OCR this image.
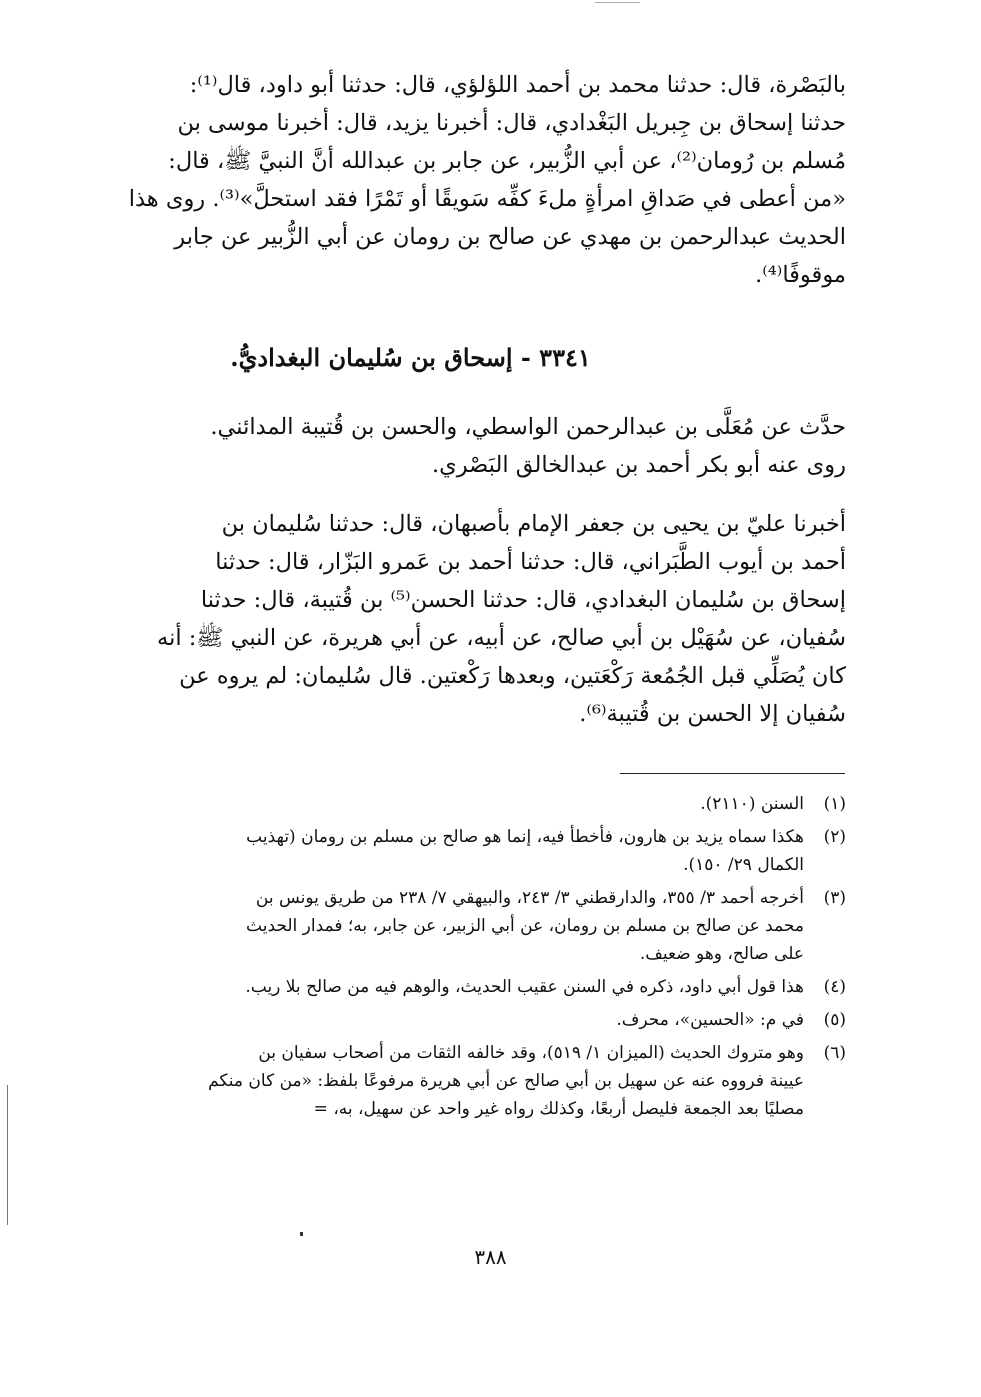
بالبَصْرة، قال: حدثنا محمد بن أحمد اللؤلؤي، قال: حدثنا أبو داود، قال⁽¹⁾:
حدثنا إسحاق بن جِبريل البَغْدادي، قال: أخبرنا يزيد، قال: أخبرنا موسى بن
مُسلم بن رُومان⁽²⁾، عن أبي الزُّبير، عن جابر بن عبدالله أنَّ النبيَّ ﷺ، قال:
«من أعطى في صَداقِ امرأةٍ ملءَ كفِّه سَويقًا أو تَمْرًا فقد استحلَّ»⁽³⁾. روى هذا
الحديث عبدالرحمن بن مهدي عن صالح بن رومان عن أبي الزُّبير عن جابر
موقوفًا⁽⁴⁾.
٣٣٤١ - إسحاق بن سُليمان البغداديُّ.
حدَّث عن مُعَلَّى بن عبدالرحمن الواسطي، والحسن بن قُتيبة المدائني.
روى عنه أبو بكر أحمد بن عبدالخالق البَصْري.
أخبرنا عليّ بن يحيى بن جعفر الإمام بأصبهان، قال: حدثنا سُليمان بن
أحمد بن أيوب الطَّبَراني، قال: حدثنا أحمد بن عَمرو البَزّار، قال: حدثنا
إسحاق بن سُليمان البغدادي، قال: حدثنا الحسن⁽⁵⁾ بن قُتيبة، قال: حدثنا
سُفيان، عن سُهَيْل بن أبي صالح، عن أبيه، عن أبي هريرة، عن النبي ﷺ: أنه
كان يُصَلِّي قبل الجُمُعة رَكْعَتين، وبعدها رَكْعتين. قال سُليمان: لم يروه عن
سُفيان إلا الحسن بن قُتيبة⁽⁶⁾.
(١)
السنن (٢١١٠).
(٢)
هكذا سماه يزيد بن هارون، فأخطأ فيه، إنما هو صالح بن مسلم بن رومان (تهذيب
الكمال ٢٩/ ١٥٠).
(٣)
أخرجه أحمد ٣/ ٣٥٥، والدارقطني ٣/ ٢٤٣، والبيهقي ٧/ ٢٣٨ من طريق يونس بن
محمد عن صالح بن مسلم بن رومان، عن أبي الزبير، عن جابر، به؛ فمدار الحديث
على صالح، وهو ضعيف.
(٤)
هذا قول أبي داود، ذكره في السنن عقيب الحديث، والوهم فيه من صالح بلا ريب.
(٥)
في م: «الحسين»، محرف.
(٦)
وهو متروك الحديث (الميزان ١/ ٥١٩)، وقد خالفه الثقات من أصحاب سفيان بن
عيينة فرووه عنه عن سهيل بن أبي صالح عن أبي هريرة مرفوعًا بلفظ: «من كان منكم
مصليًا بعد الجمعة فليصل أربعًا، وكذلك رواه غير واحد عن سهيل، به، =
٣٨٨
